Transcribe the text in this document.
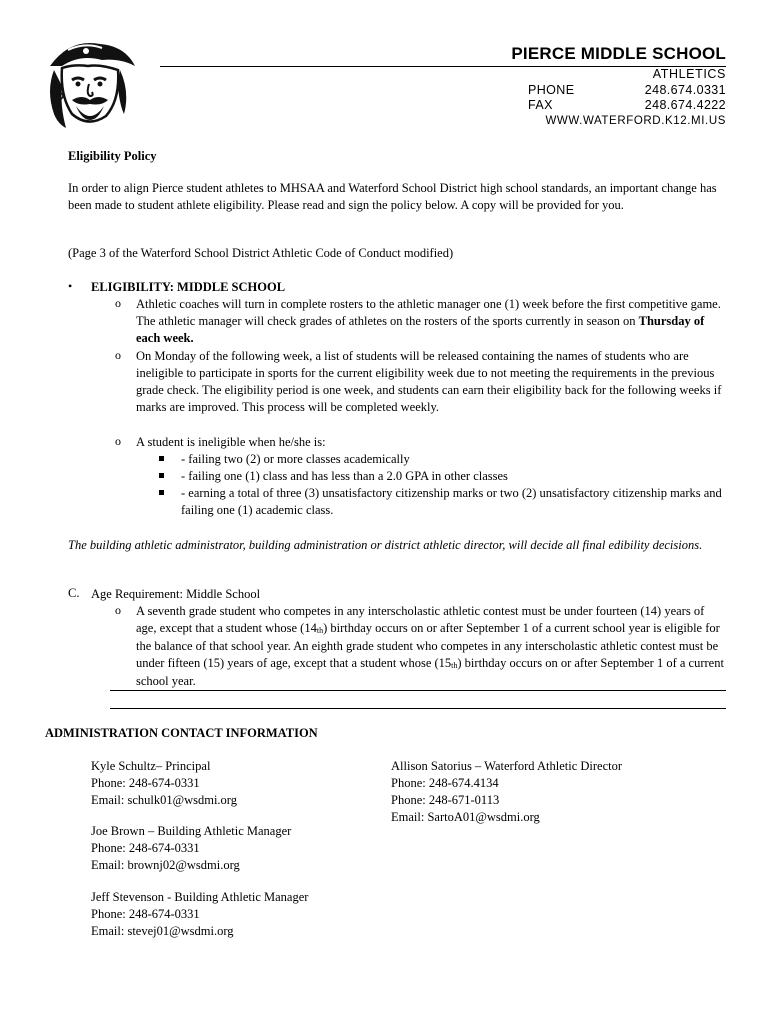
PIERCE MIDDLE SCHOOL
ATHLETICS
PHONE	248.674.0331
FAX	248.674.4222
WWW.WATERFORD.K12.MI.US
Eligibility Policy
In order to align Pierce student athletes to MHSAA and Waterford School District high school standards, an important change has been made to student athlete eligibility. Please read and sign the policy below. A copy will be provided for you.
(Page 3 of the Waterford School District Athletic Code of Conduct modified)
• ELIGIBILITY: MIDDLE SCHOOL
o Athletic coaches will turn in complete rosters to the athletic manager one (1) week before the first competitive game. The athletic manager will check grades of athletes on the rosters of the sports currently in season on Thursday of each week.
o On Monday of the following week, a list of students will be released containing the names of students who are ineligible to participate in sports for the current eligibility week due to not meeting the requirements in the previous grade check. The eligibility period is one week, and students can earn their eligibility back for the following weeks if marks are improved. This process will be completed weekly.
o A student is ineligible when he/she is:
- failing two (2) or more classes academically
- failing one (1) class and has less than a 2.0 GPA in other classes
- earning a total of three (3) unsatisfactory citizenship marks or two (2) unsatisfactory citizenship marks and failing one (1) academic class.
The building athletic administrator, building administration or district athletic director, will decide all final edibility decisions.
C. Age Requirement: Middle School
o A seventh grade student who competes in any interscholastic athletic contest must be under fourteen (14) years of age, except that a student whose $(14_{th})$ birthday occurs on or after September 1 of a current school year is eligible for the balance of that school year. An eighth grade student who competes in any interscholastic athletic contest must be under fifteen (15) years of age, except that a student whose $(15_{th})$ birthday occurs on or after September 1 of a current school year.
ADMINISTRATION CONTACT INFORMATION
Kyle Schultz– Principal
Phone: 248-674-0331
Email: schulk01@wsdmi.org
Allison Satorius – Waterford Athletic Director
Phone: 248-674.4134
Phone: 248-671-0113
Email: SartoA01@wsdmi.org
Joe Brown – Building Athletic Manager
Phone: 248-674-0331
Email: brownj02@wsdmi.org
Jeff Stevenson - Building Athletic Manager
Phone: 248-674-0331
Email: stevej01@wsdmi.org
